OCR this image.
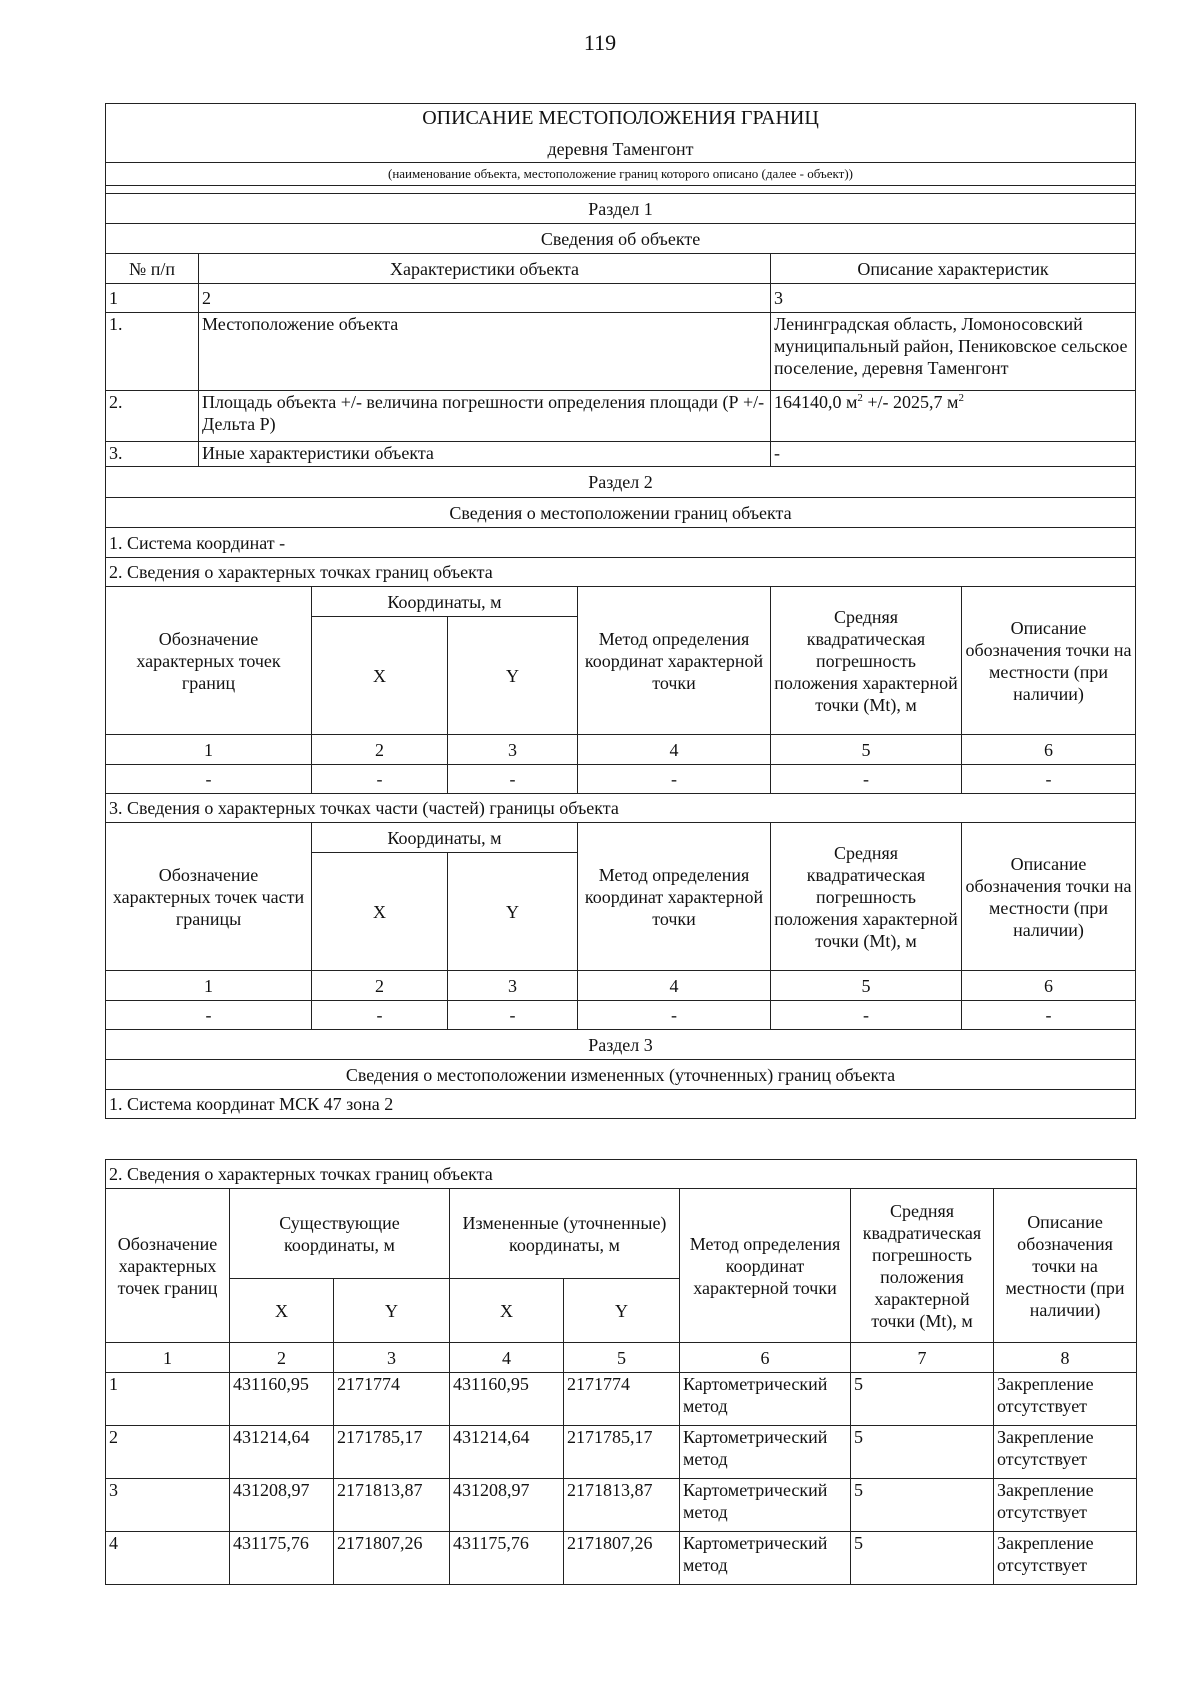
119
ОПИСАНИЕ МЕСТОПОЛОЖЕНИЯ ГРАНИЦ
деревня Таменгонт						

(наименование объекта, местоположение границ которого описано (далее - объект))						

Раздел 1						
Сведения об объекте						
№ п/п	Характеристики объекта				Описание характеристик	
1	2				3	
1.	Местоположение объекта				Ленинградская область, Ломоносовский муниципальный район, Пениковское сельское поселение, деревня Таменгонт	
2.	Площадь объекта +/- величина погрешности определения площади (Р +/- Дельта Р)				164140,0 $м^2$ +/- 2025,7 $м^2$
3.	Иные характеристики объекта				-	
Раздел 2						
Сведения о местоположении границ объекта						
1. Система координат -						
2. Сведения о характерных точках границ объекта						
Обозначение характерных точек границ		Координаты, м		Метод определения координат характерной точки	Средняя квадратическая погрешность положения характерной точки (Mt), м	Описание обозначения точки на местности (при наличии)
		X	Y			
1		2	3	4	5	6
-		-	-	-	-	-
3. Сведения о характерных точках части (частей) границы объекта						
Обозначение характерных точек части границы		Координаты, м		Метод определения координат характерной точки	Средняя квадратическая погрешность положения характерной точки (Mt), м	Описание обозначения точки на местности (при наличии)
		X	Y			
1		2	3	4	5	6
-		-	-	-	-	-
Раздел 3						
Сведения о местоположении измененных (уточненных) границ объекта						
1. Система координат МСК 47 зона 2						
2. Сведения о характерных точках границ объекта							
Обозначение характерных точек границ	Существующие координаты, м		Измененные (уточненные) координаты, м		Метод определения координат характерной точки	Средняя квадратическая погрешность положения характерной точки (Mt), м	Описание обозначения точки на местности (при наличии)
	X	Y	X	Y			
1	2	3	4	5	6	7	8
1	431160,95	2171774	431160,95	2171774	Картометрический метод	5	Закрепление отсутствует
2	431214,64	2171785,17	431214,64	2171785,17	Картометрический метод	5	Закрепление отсутствует
3	431208,97	2171813,87	431208,97	2171813,87	Картометрический метод	5	Закрепление отсутствует
4	431175,76	2171807,26	431175,76	2171807,26	Картометрический метод	5	Закрепление отсутствует
